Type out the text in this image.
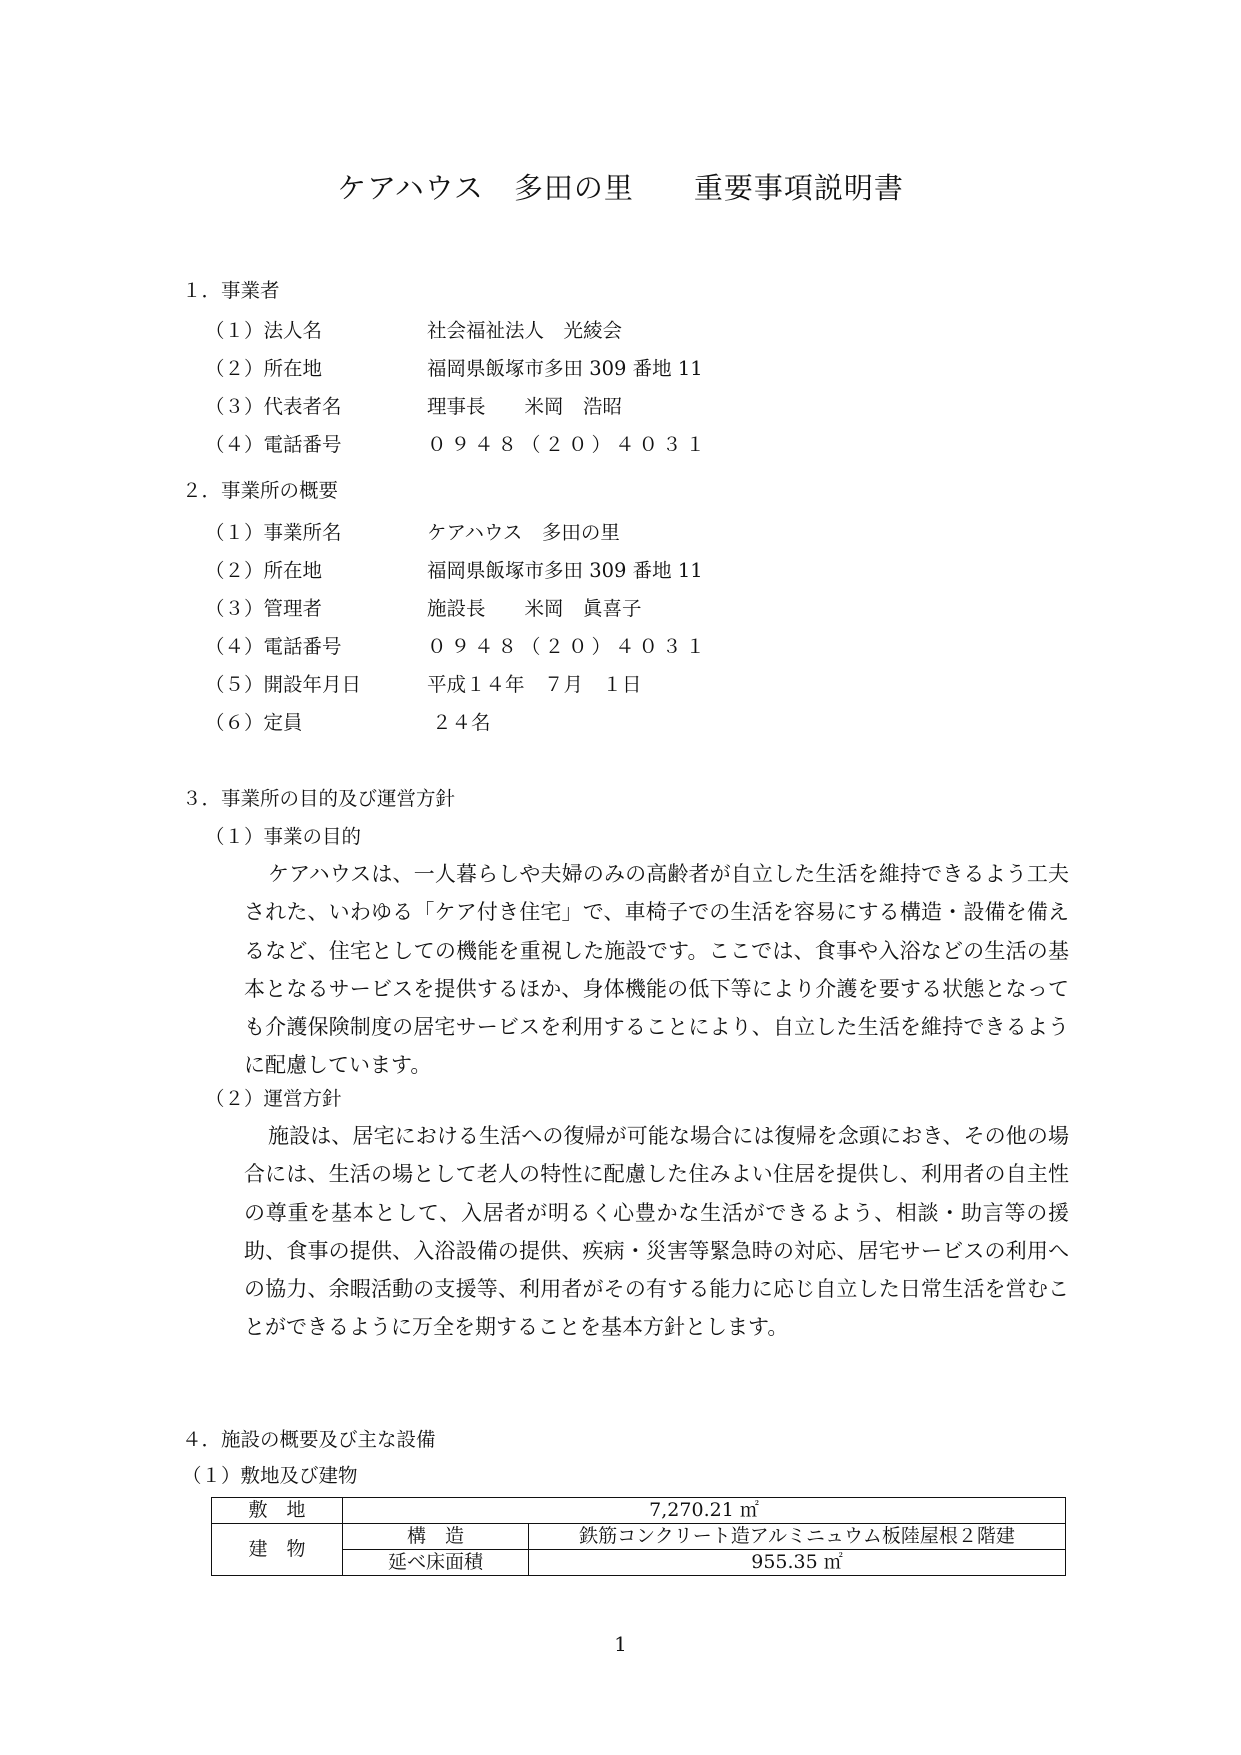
ケアハウス　多田の里　　重要事項説明書
１．事業者
（１）法人名	社会福祉法人　光綾会
（２）所在地	福岡県飯塚市多田 309 番地 11
（３）代表者名	理事長　　米岡　浩昭
（４）電話番号	０９４８（２０）４０３１
２．事業所の概要
（１）事業所名	ケアハウス　多田の里
（２）所在地	福岡県飯塚市多田 309 番地 11
（３）管理者	施設長　　米岡　眞喜子
（４）電話番号	０９４８（２０）４０３１
（５）開設年月日	平成１４年　７月　１日
（６）定員	２４名
３．事業所の目的及び運営方針
（１）事業の目的
ケアハウスは、一人暮らしや夫婦のみの高齢者が自立した生活を維持できるよう工夫された、いわゆる「ケア付き住宅」で、車椅子での生活を容易にする構造・設備を備えるなど、住宅としての機能を重視した施設です。ここでは、食事や入浴などの生活の基本となるサービスを提供するほか、身体機能の低下等により介護を要する状態となっても介護保険制度の居宅サービスを利用することにより、自立した生活を維持できるように配慮しています。
（２）運営方針
施設は、居宅における生活への復帰が可能な場合には復帰を念頭におき、その他の場合には、生活の場として老人の特性に配慮した住みよい住居を提供し、利用者の自主性の尊重を基本として、入居者が明るく心豊かな生活ができるよう、相談・助言等の援助、食事の提供、入浴設備の提供、疾病・災害等緊急時の対応、居宅サービスの利用への協力、余暇活動の支援等、利用者がその有する能力に応じ自立した日常生活を営むことができるように万全を期することを基本方針とします。
４．施設の概要及び主な設備
（１）敷地及び建物
敷　地	7,270.21 ㎡	
建　物	構　造	鉄筋コンクリート造アルミニュウム板陸屋根２階建
	延べ床面積	955.35 ㎡
1
